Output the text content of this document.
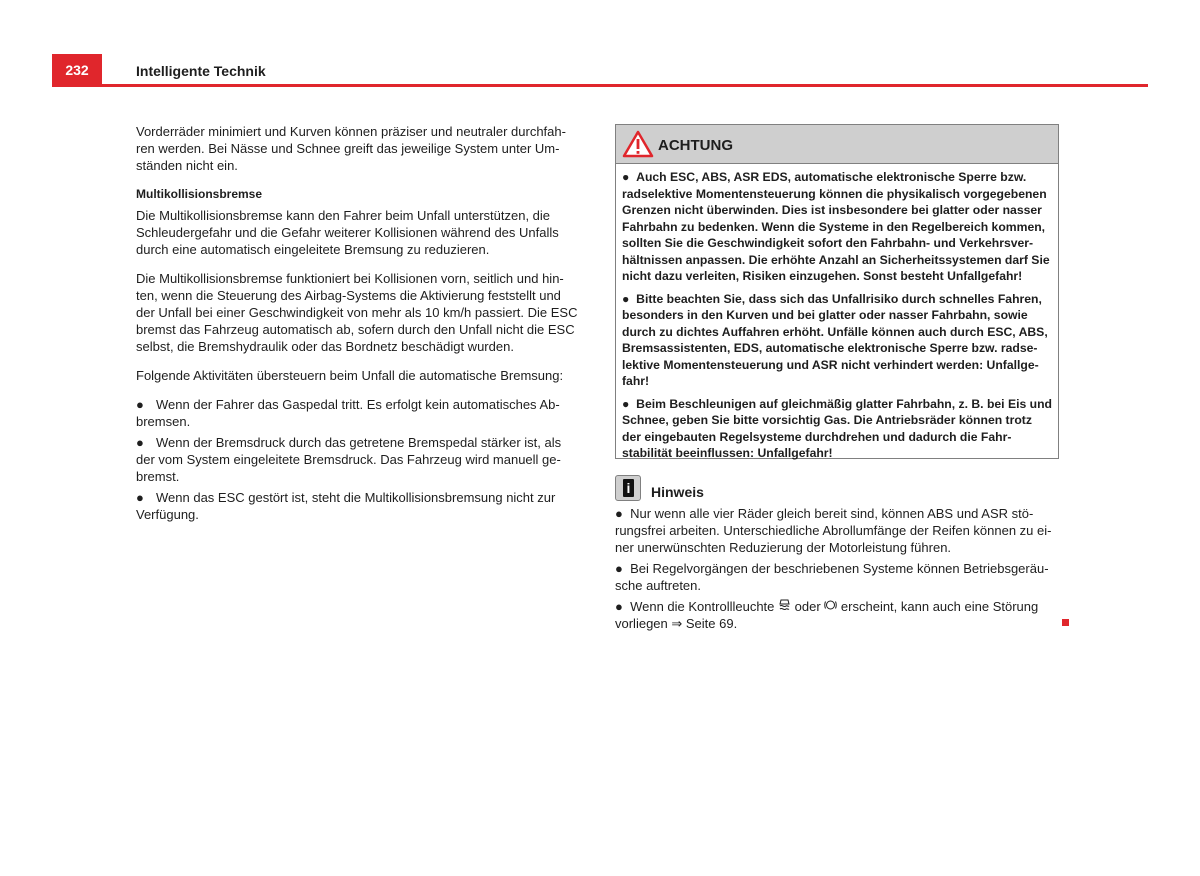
232	Intelligente Technik

Vorderräder minimiert und Kurven können präziser und neutraler durchfah-ren werden. Bei Nässe und Schnee greift das jeweilige System unter Um-ständen nicht ein.

Multikollisionsbremse

Die Multikollisionsbremse kann den Fahrer beim Unfall unterstützen, die Schleudergefahr und die Gefahr weiterer Kollisionen während des Unfalls durch eine automatisch eingeleitete Bremsung zu reduzieren.

Die Multikollisionsbremse funktioniert bei Kollisionen vorn, seitlich und hin-ten, wenn die Steuerung des Airbag-Systems die Aktivierung feststellt und der Unfall bei einer Geschwindigkeit von mehr als 10 km/h passiert. Die ESC bremst das Fahrzeug automatisch ab, sofern durch den Unfall nicht die ESC selbst, die Bremshydraulik oder das Bordnetz beschädigt wurden.

Folgende Aktivitäten übersteuern beim Unfall die automatische Bremsung:

● Wenn der Fahrer das Gaspedal tritt. Es erfolgt kein automatisches Ab-bremsen.
● Wenn der Bremsdruck durch das getretene Bremspedal stärker ist, als der vom System eingeleitete Bremsdruck. Das Fahrzeug wird manuell ge-bremst.
● Wenn das ESC gestört ist, steht die Multikollisionsbremsung nicht zur Verfügung.
ACHTUNG

● Auch ESC, ABS, ASR EDS, automatische elektronische Sperre bzw. radselektive Momentensteuerung können die physikalisch vorgegebenen Grenzen nicht überwinden. Dies ist insbesondere bei glatter oder nasser Fahrbahn zu bedenken. Wenn die Systeme in den Regelbereich kommen, sollten Sie die Geschwindigkeit sofort den Fahrbahn- und Verkehrsver-hältnissen anpassen. Die erhöhte Anzahl an Sicherheitssystemen darf Sie nicht dazu verleiten, Risiken einzugehen. Sonst besteht Unfallgefahr!

● Bitte beachten Sie, dass sich das Unfallrisiko durch schnelles Fahren, besonders in den Kurven und bei glatter oder nasser Fahrbahn, sowie durch zu dichtes Auffahren erhöht. Unfälle können auch durch ESC, ABS, Bremsassistenten, EDS, automatische elektronische Sperre bzw. radse-lektive Momentensteuerung und ASR nicht verhindert werden: Unfallge-fahr!

● Beim Beschleunigen auf gleichmäßig glatter Fahrbahn, z. B. bei Eis und Schnee, geben Sie bitte vorsichtig Gas. Die Antriebsräder können trotz der eingebauten Regelsysteme durchdrehen und dadurch die Fahr-stabilität beeinflussen: Unfallgefahr!

i Hinweis

● Nur wenn alle vier Räder gleich bereit sind, können ABS und ASR stö-rungsfrei arbeiten. Unterschiedliche Abrollumfänge der Reifen können zu ei-ner unerwünschten Reduzierung der Motorleistung führen.

● Bei Regelvorgängen der beschriebenen Systeme können Betriebsgeräu-sche auftreten.

● Wenn die Kontrollleuchte oder erscheint, kann auch eine Störung vorliegen ⇒ Seite 69.
